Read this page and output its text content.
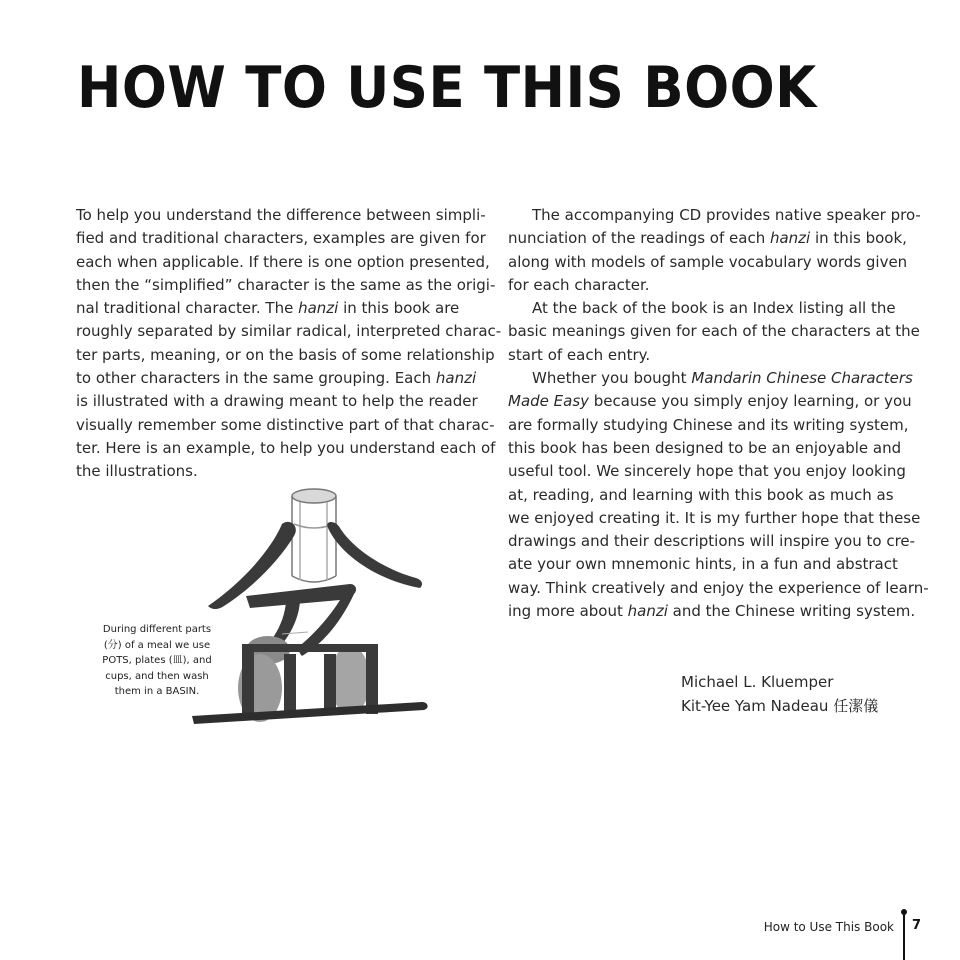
HOW TO USE THIS BOOK
To help you understand the difference between simpli-
fied and traditional characters, examples are given for
each when applicable. If there is one option presented,
then the “simplified” character is the same as the origi-
nal traditional character. The hanzi in this book are
roughly separated by similar radical, interpreted charac-
ter parts, meaning, or on the basis of some relationship
to other characters in the same grouping. Each hanzi
is illustrated with a drawing meant to help the reader
visually remember some distinctive part of that charac-
ter. Here is an example, to help you understand each of
the illustrations.
The accompanying CD provides native speaker pro-
nunciation of the readings of each hanzi in this book,
along with models of sample vocabulary words given
for each character.
At the back of the book is an Index listing all the
basic meanings given for each of the characters at the
start of each entry.
Whether you bought Mandarin Chinese Characters
Made Easy because you simply enjoy learning, or you
are formally studying Chinese and its writing system,
this book has been designed to be an enjoyable and
useful tool. We sincerely hope that you enjoy looking
at, reading, and learning with this book as much as
we enjoyed creating it. It is my further hope that these
drawings and their descriptions will inspire you to cre-
ate your own mnemonic hints, in a fun and abstract
way. Think creatively and enjoy the experience of learn-
ing more about hanzi and the Chinese writing system.
During different parts
(分) of a meal we use
POTS, plates (皿), and
cups, and then wash
them in a BASIN.
Michael L. Kluemper
Kit-Yee Yam Nadeau 任潔儀
How to Use This Book 7
